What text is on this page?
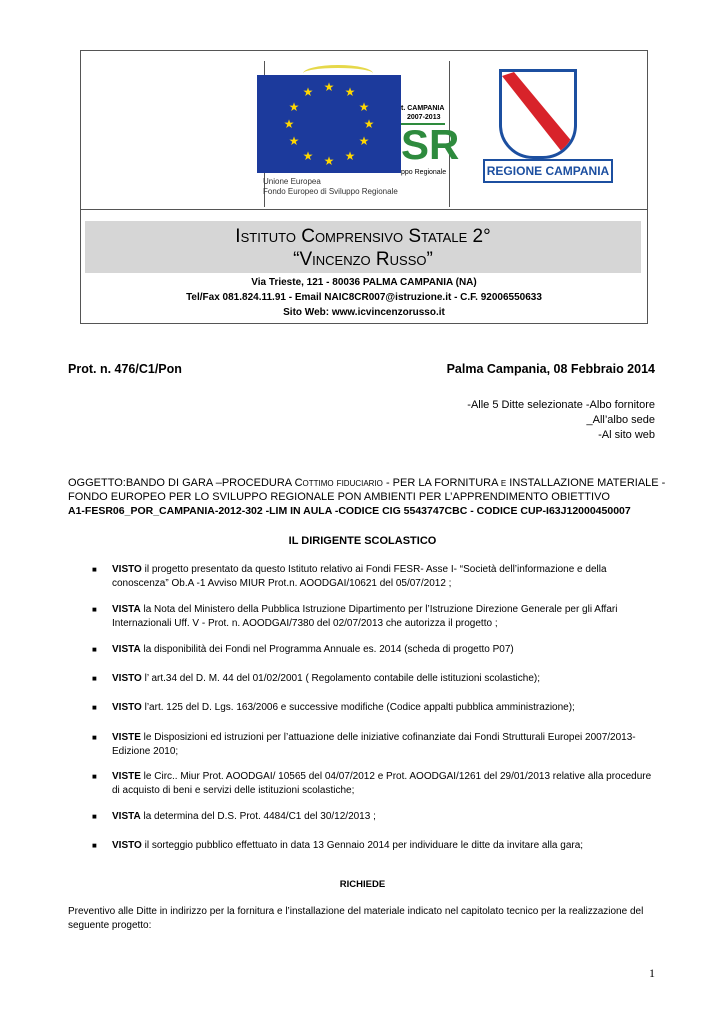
★ ★
★
★
★
★
★
★
★
★
★
★
Unione Europea
Fondo Europeo di Sviluppo Regionale
t. CAMPANIA
2007-2013
SR
ppo Regionale	REGIONE CAMPANIA
Istituto Comprensivo Statale 2°
“Vincenzo Russo”
Via Trieste, 121 - 80036 PALMA CAMPANIA (NA)
Tel/Fax 081.824.11.91 - Email NAIC8CR007@istruzione.it - C.F. 92006550633
Sito Web: www.icvincenzorusso.it
Prot. n. 476/C1/Pon	Palma Campania, 08 Febbraio 2014
-Alle 5 Ditte selezionate -Albo fornitore
_All’albo sede
-Al sito web
OGGETTO:BANDO DI GARA –PROCEDURA Cottimo fiduciario - PER LA FORNITURA e INSTALLAZIONE MATERIALE -
FONDO EUROPEO PER LO SVILUPPO REGIONALE PON AMBIENTI PER L’APPRENDIMENTO OBIETTIVO
A1-FESR06_POR_CAMPANIA-2012-302 -LIM IN AULA -CODICE CIG 5543747CBC - CODICE CUP-I63J12000450007
IL DIRIGENTE SCOLASTICO
■ VISTO il progetto presentato da questo Istituto relativo ai Fondi FESR- Asse I- “Società dell’informazione e della conoscenza” Ob.A -1 Avviso MIUR Prot.n. AOODGAI/10621 del 05/07/2012 ;
■ VISTA la Nota del Ministero della Pubblica Istruzione Dipartimento per l’Istruzione Direzione Generale per gli Affari Internazionali Uff. V - Prot. n. AOODGAI/7380 del 02/07/2013 che autorizza il progetto ;
■ VISTA la disponibilità dei Fondi nel Programma Annuale es. 2014 (scheda di progetto P07)
■ VISTO l’ art.34 del D. M. 44 del 01/02/2001 ( Regolamento contabile delle istituzioni scolastiche);
■ VISTO l’art. 125 del D. Lgs. 163/2006 e successive modifiche (Codice appalti pubblica amministrazione);
■ VISTE le Disposizioni ed istruzioni per l’attuazione delle iniziative cofinanziate dai Fondi Strutturali Europei 2007/2013- Edizione 2010;
■ VISTE le Circ.. Miur Prot. AOODGAI/ 10565 del 04/07/2012 e Prot. AOODGAI/1261 del 29/01/2013 relative alla procedure di acquisto di beni e servizi delle istituzioni scolastiche;
■ VISTA la determina del D.S. Prot. 4484/C1 del 30/12/2013 ;
■ VISTO il sorteggio pubblico effettuato in data 13 Gennaio 2014 per individuare le ditte da invitare alla gara;
RICHIEDE
Preventivo alle Ditte in indirizzo per la fornitura e l’installazione del materiale indicato nel capitolato tecnico per la realizzazione del seguente progetto:
1
